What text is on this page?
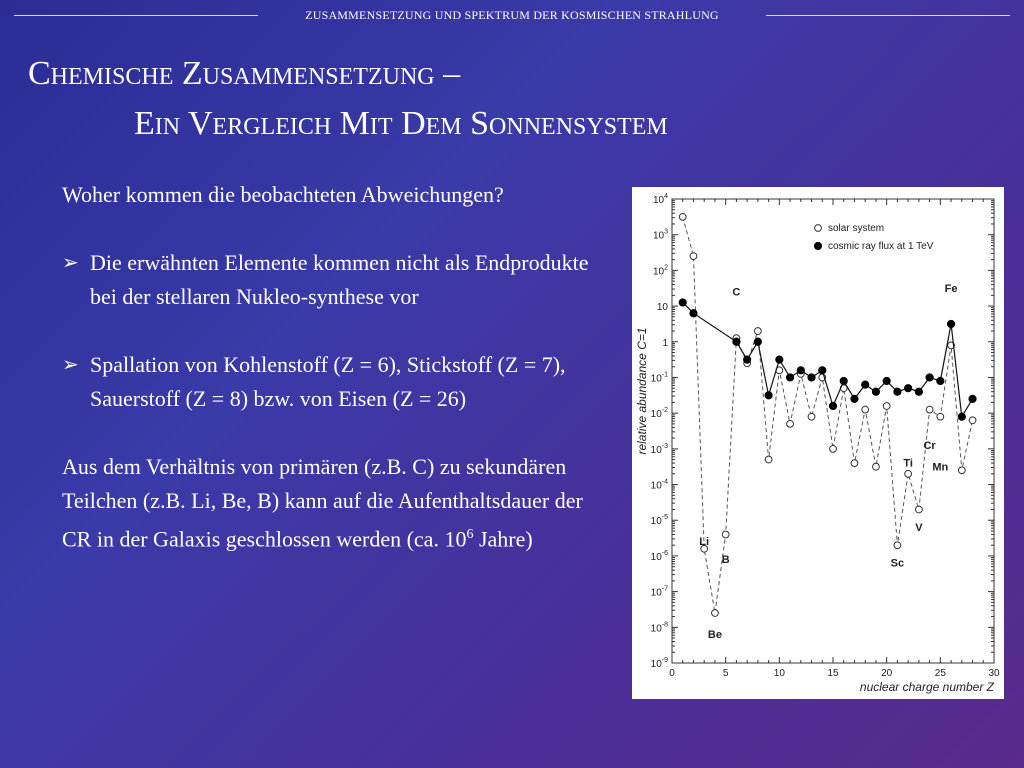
ZUSAMMENSETZUNG UND SPEKTRUM DER KOSMISCHEN STRAHLUNG
Chemische Zusammensetzung –
Ein Vergleich Mit Dem Sonnensystem

Woher kommen die beobachteten Abweichungen?

➢ Die erwähnten Elemente kommen nicht als Endprodukte bei der stellaren Nukleo-synthese vor
➢ Spallation von Kohlenstoff (Z = 6), Stickstoff (Z = 7), Sauerstoff (Z = 8) bzw. von Eisen (Z = 26)

Aus dem Verhältnis von primären (z.B. C) zu sekundären Teilchen (z.B. Li, Be, B) kann auf die Aufenthaltsdauer der CR in der Galaxis geschlossen werden (ca. $10^6$ Jahre)

$10^4$
$10^3$
$10^2$
10
1
$10^{-1}$
$10^{-2}$
$10^{-3}$
$10^{-4}$
$10^{-5}$
$10^{-6}$
$10^{-7}$
$10^{-8}$
$10^{-9}$
0	5	10	15	20	25	30
nuclear charge number Z
relative abundance C=1
C	Fe
Li
B
Be
Ti
Cr
Mn
V
Sc
solar system
cosmic ray flux at 1 TeV
